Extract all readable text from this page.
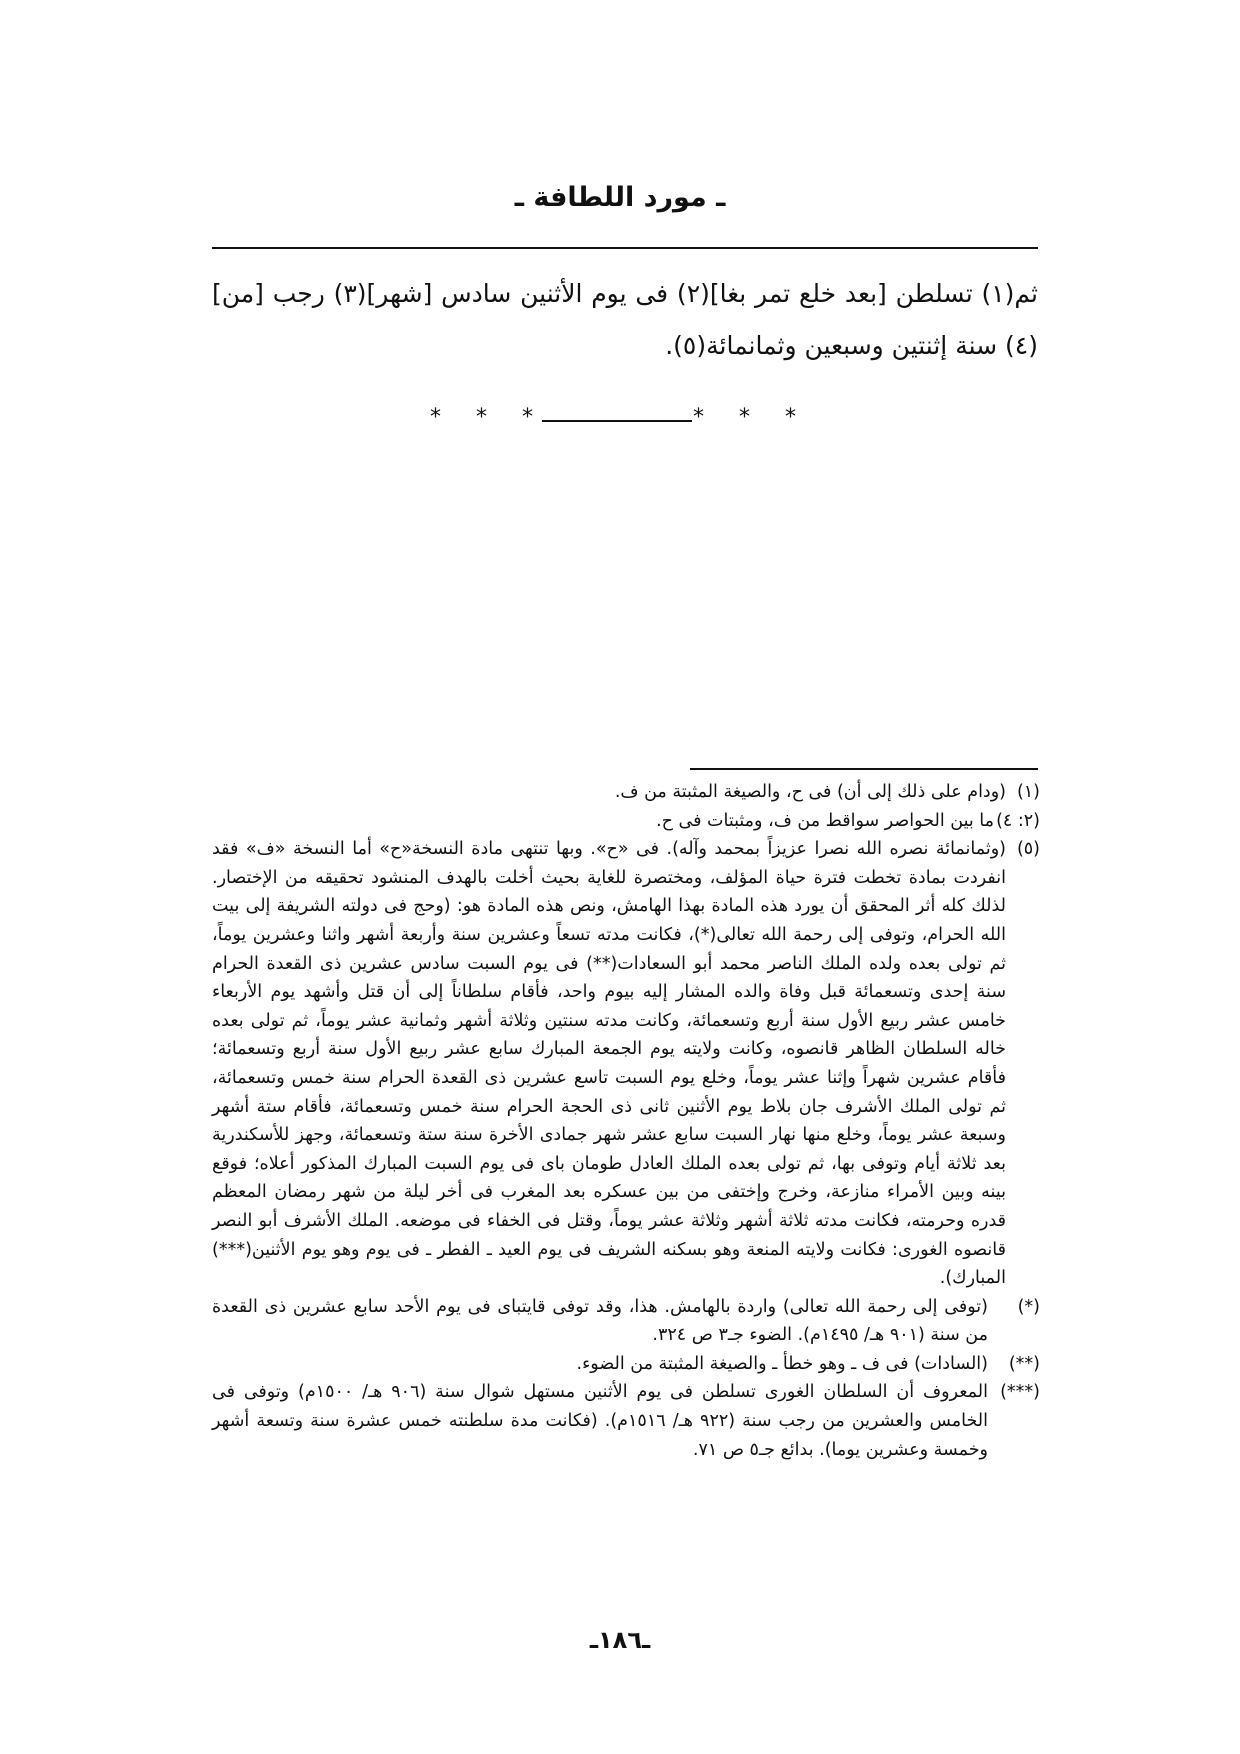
ـ مورد اللطافة ـ

ثم(١) تسلطن [بعد خلع تمر بغا](٢) فى يوم الأثنين سادس [شهر](٣) رجب [من](٤) سنة إثنتين وسبعين وثمانمائة(٥).

* * *	* * *

(١)
(ودام على ذلك إلى أن) فى ح، والصيغة المثبتة من ف.

(٢: ٤)
ما بين الحواصر سواقط من ف، ومثبتات فى ح.

(٥)
(وثمانمائة نصره الله نصرا عزيزاً بمحمد وآله). فى «ح». وبها تنتهى مادة النسخة«ح» أما النسخة «ف» فقد انفردت بمادة تخطت فترة حياة المؤلف، ومختصرة للغاية بحيث أخلت بالهدف المنشود تحقيقه من الإختصار. لذلك كله أثر المحقق أن يورد هذه المادة بهذا الهامش، ونص هذه المادة هو: (وحج فى دولته الشريفة إلى بيت الله الحرام، وتوفى إلى رحمة الله تعالى(*)، فكانت مدته تسعاً وعشرين سنة وأربعة أشهر واثنا وعشرين يوماً، ثم تولى بعده ولده الملك الناصر محمد أبو السعادات(**) فى يوم السبت سادس عشرين ذى القعدة الحرام سنة إحدى وتسعمائة قبل وفاة والده المشار إليه بيوم واحد، فأقام سلطاناً إلى أن قتل وأشهد يوم الأربعاء خامس عشر ربيع الأول سنة أربع وتسعمائة، وكانت مدته سنتين وثلاثة أشهر وثمانية عشر يوماً، ثم تولى بعده خاله السلطان الظاهر قانصوه، وكانت ولايته يوم الجمعة المبارك سابع عشر ربيع الأول سنة أربع وتسعمائة؛ فأقام عشرين شهراً وإثنا عشر يوماً، وخلع يوم السبت تاسع عشرين ذى القعدة الحرام سنة خمس وتسعمائة، ثم تولى الملك الأشرف جان بلاط يوم الأثنين ثانى ذى الحجة الحرام سنة خمس وتسعمائة، فأقام ستة أشهر وسبعة عشر يوماً، وخلع منها نهار السبت سابع عشر شهر جمادى الأخرة سنة ستة وتسعمائة، وجهز للأسكندرية بعد ثلاثة أيام وتوفى بها، ثم تولى بعده الملك العادل طومان باى فى يوم السبت المبارك المذكور أعلاه؛ فوقع بينه وبين الأمراء منازعة، وخرج وإختفى من بين عسكره بعد المغرب فى أخر ليلة من شهر رمضان المعظم قدره وحرمته، فكانت مدته ثلاثة أشهر وثلاثة عشر يوماً، وقتل فى الخفاء فى موضعه. الملك الأشرف أبو النصر قانصوه الغورى: فكانت ولايته المنعة وهو بسكنه الشريف فى يوم العيد ـ الفطر ـ فى يوم وهو يوم الأثنين(***) المبارك).

(*)
(توفى إلى رحمة الله تعالى) واردة بالهامش. هذا، وقد توفى قايتباى فى يوم الأحد سابع عشرين ذى القعدة من سنة (٩٠١ هـ/ ١٤٩٥م). الضوء جـ٣ ص ٣٢٤.

(**)
(السادات) فى ف ـ وهو خطأ ـ والصيغة المثبتة من الضوء.

(***)
المعروف أن السلطان الغورى تسلطن فى يوم الأثنين مستهل شوال سنة (٩٠٦ هـ/ ١٥٠٠م) وتوفى فى الخامس والعشرين من رجب سنة (٩٢٢ هـ/ ١٥١٦م). (فكانت مدة سلطنته خمس عشرة سنة وتسعة أشهر وخمسة وعشرين يوما). بدائع جـ٥ ص ٧١.

ـ١٨٦ـ
